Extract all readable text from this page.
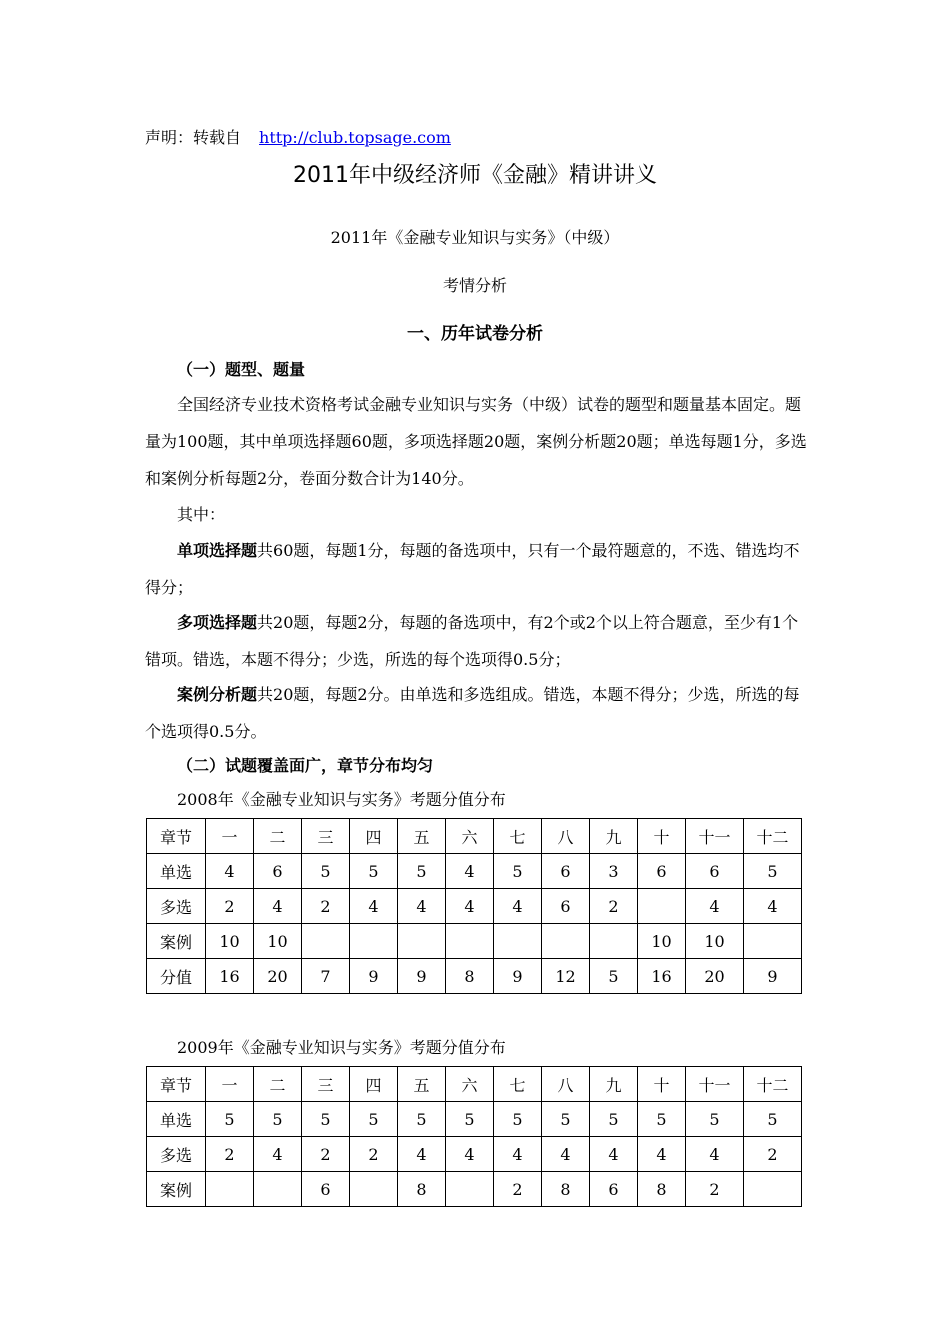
声明：转载自 http://club.topsage.com
2011年中级经济师《金融》精讲讲义
2011年《金融专业知识与实务》（中级）
考情分析
一、历年试卷分析
（一）题型、题量
全国经济专业技术资格考试金融专业知识与实务（中级）试卷的题型和题量基本固定。题量为100题，其中单项选择题60题，多项选择题20题，案例分析题20题；单选每题1分，多选和案例分析每题2分，卷面分数合计为140分。
其中：
单项选择题共60题，每题1分，每题的备选项中，只有一个最符题意的，不选、错选均不得分；
多项选择题共20题，每题2分，每题的备选项中，有2个或2个以上符合题意，至少有1个错项。错选，本题不得分；少选，所选的每个选项得0.5分；
案例分析题共20题，每题2分。由单选和多选组成。错选，本题不得分；少选，所选的每个选项得0.5分。
（二）试题覆盖面广，章节分布均匀
2008年《金融专业知识与实务》考题分值分布
章节	一	二	三	四	五	六	七	八	九	十	十一	十二
单选	4	6	5	5	5	4	5	6	3	6	6	5
多选	2	4	2	4	4	4	4	6	2		4	4
案例	10	10								10	10	
分值	16	20	7	9	9	8	9	12	5	16	20	9
2009年《金融专业知识与实务》考题分值分布
章节	一	二	三	四	五	六	七	八	九	十	十一	十二
单选	5	5	5	5	5	5	5	5	5	5	5	5
多选	2	4	2	2	4	4	4	4	4	4	4	2
案例			6		8		2	8	6	8	2	
